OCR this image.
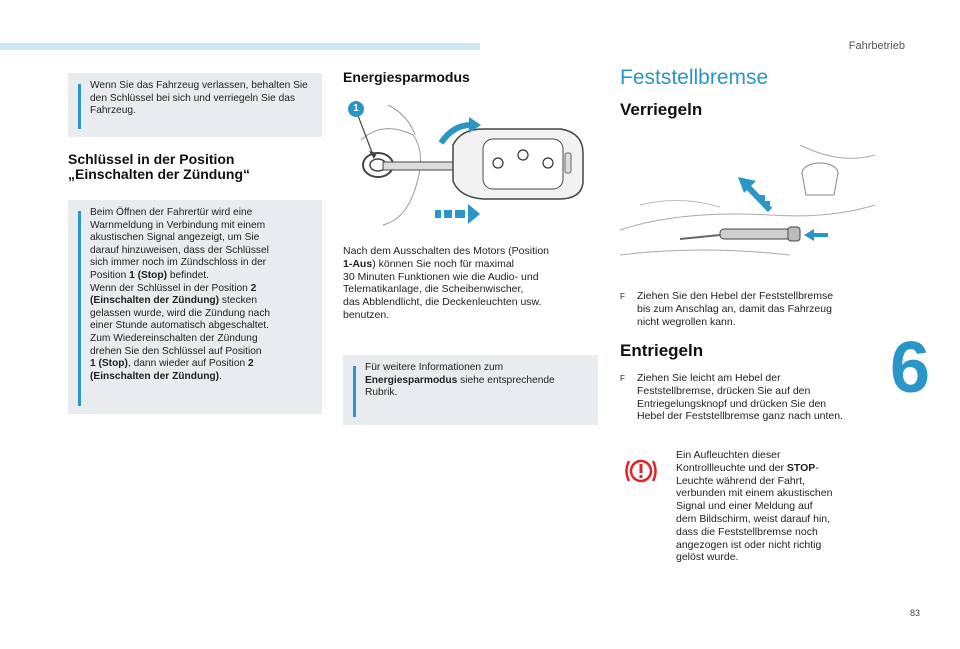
Fahrbetrieb
6
83
Wenn Sie das Fahrzeug verlassen, behalten Sie den Schlüssel bei sich und verriegeln Sie das Fahrzeug.
Schlüssel in der Position
„Einschalten der Zündung“
Beim Öffnen der Fahrertür wird eine
Warnmeldung in Verbindung mit einem
akustischen Signal angezeigt, um Sie
darauf hinzuweisen, dass der Schlüssel
sich immer noch im Zündschloss in der
Position 1 (Stop) befindet.
Wenn der Schlüssel in der Position 2
(Einschalten der Zündung) stecken
gelassen wurde, wird die Zündung nach
einer Stunde automatisch abgeschaltet.
Zum Wiedereinschalten der Zündung
drehen Sie den Schlüssel auf Position
1 (Stop), dann wieder auf Position 2
(Einschalten der Zündung).
Energiesparmodus
1
Nach dem Ausschalten des Motors (Position
1-Aus) können Sie noch für maximal
30 Minuten Funktionen wie die Audio- und
Telematikanlage, die Scheibenwischer,
das Abblendlicht, die Deckenleuchten usw.
benutzen.
Für weitere Informationen zum
Energiesparmodus siehe entsprechende
Rubrik.
Feststellbremse
Verriegeln
F Ziehen Sie den Hebel der Feststellbremse
bis zum Anschlag an, damit das Fahrzeug
nicht wegrollen kann.
Entriegeln
F Ziehen Sie leicht am Hebel der
Feststellbremse, drücken Sie auf den
Entriegelungsknopf und drücken Sie den
Hebel der Feststellbremse ganz nach unten.
Ein Aufleuchten dieser
Kontrollleuchte und der STOP-
Leuchte während der Fahrt,
verbunden mit einem akustischen
Signal und einer Meldung auf
dem Bildschirm, weist darauf hin,
dass die Feststellbremse noch
angezogen ist oder nicht richtig
gelöst wurde.
